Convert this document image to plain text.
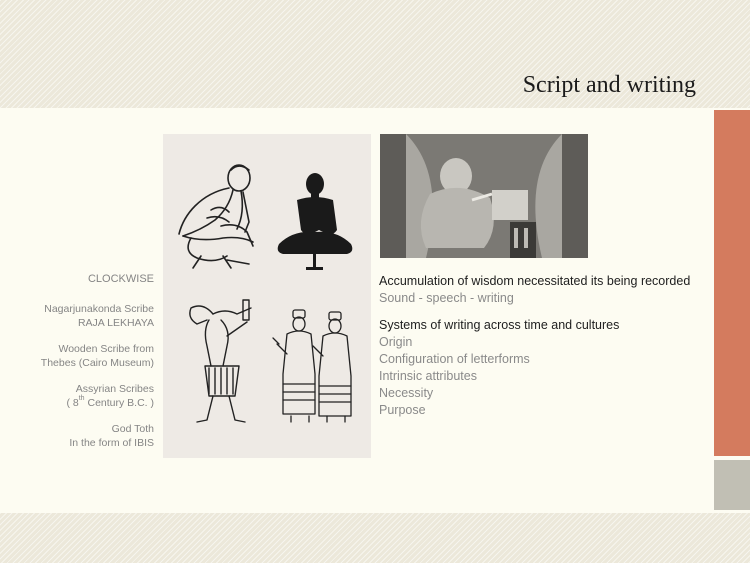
Script and writing
CLOCKWISE
Nagarjunakonda Scribe
RAJA LEKHAYA
Wooden Scribe from
Thebes (Cairo Museum)
Assyrian Scribes
( 8th Century B.C. )
God Toth
In the form of IBIS
Accumulation of wisdom necessitated its being recorded
Sound - speech - writing
Systems of writing across time and cultures
Origin
Configuration of letterforms
Intrinsic attributes
Necessity
Purpose
